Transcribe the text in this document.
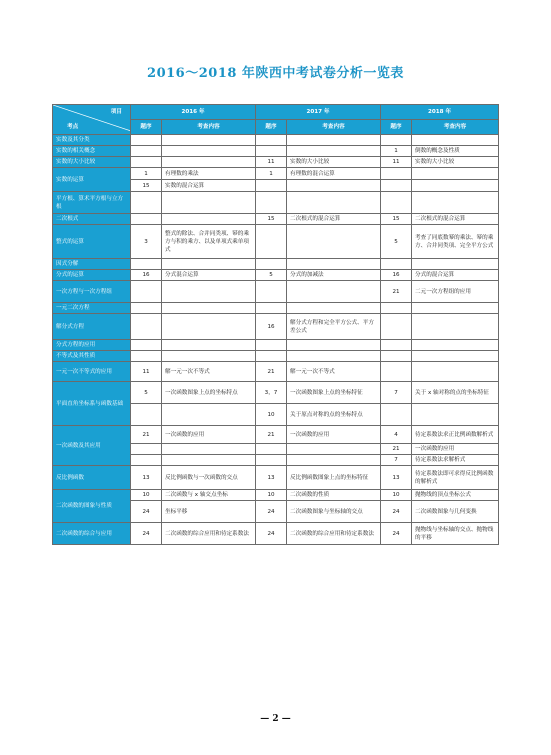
2016～2018 年陕西中考试卷分析一览表
项目
考点	2016 年		2017 年		2018 年	
	题序	考查内容	题序	考查内容	题序	考查内容
实数及其分类						
实数的相关概念					1	倒数的概念及性质
实数的大小比较			11	实数的大小比较	11	实数的大小比较
实数的运算	1	有理数的乘法	1	有理数的混合运算		
	15	实数的混合运算				
平方根、算术平方根与立方根						
二次根式			15	二次根式的混合运算	15	二次根式的混合运算
整式的运算	3	整式的除法、合并同类项、幂的乘方与积的乘方、以及单项式乘单项式			5	考查了同底数幂的乘法、幂的乘方、合并同类项、完全平方公式
因式分解						
分式的运算	16	分式混合运算	5	分式的加减法	16	分式的混合运算
一次方程与一次方程组					21	二元一次方程组的应用
一元二次方程						
解分式方程			16	解分式方程和完全平方公式、平方差公式		
分式方程的应用						
不等式及其性质						
一元一次不等式的应用	11	解一元一次不等式	21	解一元一次不等式		
平面直角坐标系与函数基础	5	一次函数图象上点的坐标特点	3，7	一次函数图象上点的坐标特征	7	关于 x 轴对称的点的坐标特征
			10	关于原点对称的点的坐标特点		
一次函数及其应用	21	一次函数的应用	21	一次函数的应用	4	待定系数法求正比例函数解析式
					21	一次函数的应用
					7	待定系数法求解析式
反比例函数	13	反比例函数与一次函数的交点	13	反比例函数图象上点的坐标特征	13	待定系数法即可求得反比例函数的解析式
二次函数的图象与性质	10	二次函数与 x 轴交点坐标	10	二次函数的性质	10	抛物线的顶点坐标公式
	24	坐标平移	24	二次函数图象与坐标轴的交点	24	二次函数图象与几何变换
二次函数的综合与应用	24	二次函数的综合应用和待定系数法	24	二次函数的综合应用和待定系数法	24	抛物线与坐标轴的交点、抛物线的平移
— 2 —
